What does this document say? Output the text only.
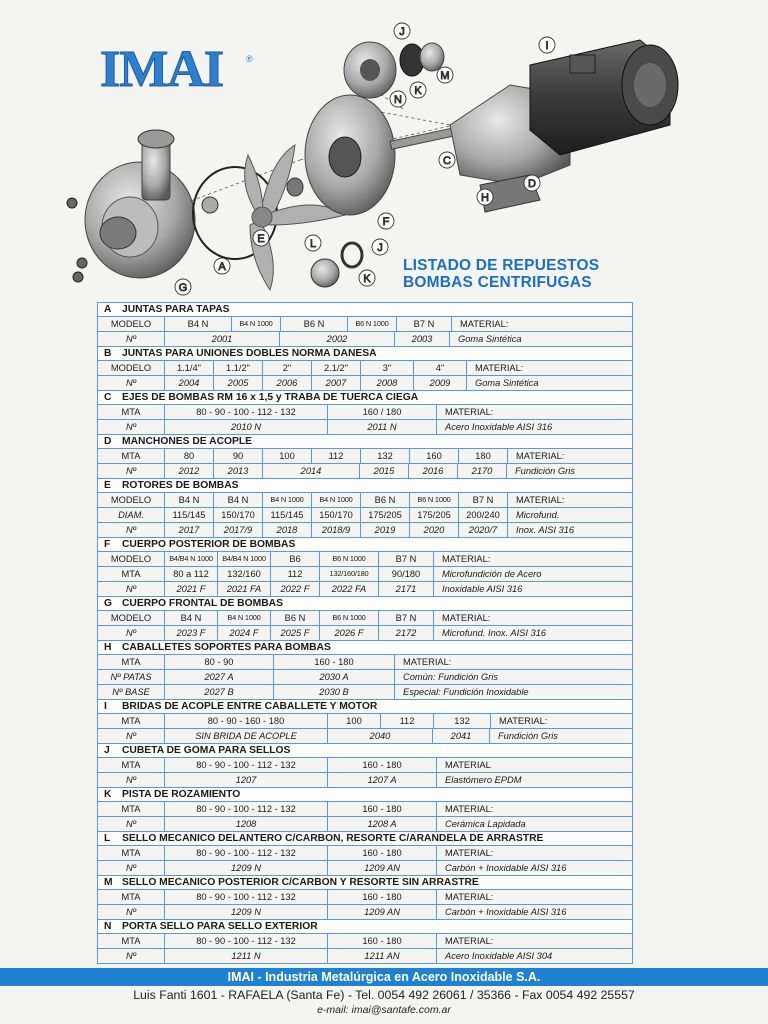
IMAI	®
J
I
M
K
N
C
D
H
F
E	L	J
K
A
G
LISTADO DE REPUESTOS
BOMBAS CENTRIFUGAS
A JUNTAS PARA TAPAS
MODELO	B4 N	B4 N 1000	B6 N	B6 N 1000	B7 N	MATERIAL:
Nº	2001	2002	2003	Goma Sintética
B JUNTAS PARA UNIONES DOBLES NORMA DANESA
MODELO	1.1/4"	1.1/2"	2"	2.1/2"	3"	4"	MATERIAL:
Nº	2004	2005	2006	2007	2008	2009	Goma Sintética
C EJES DE BOMBAS RM 16 x 1,5 y TRABA DE TUERCA CIEGA
MTA	80 - 90 - 100 - 112 - 132	160 / 180	MATERIAL:
Nº	2010 N	2011 N	Acero Inoxidable AISI 316
D MANCHONES DE ACOPLE
MTA	80	90	100	112	132	160	180	MATERIAL:
Nº	2012	2013	2014	2015	2016	2170	Fundición Gris
E ROTORES DE BOMBAS
MODELO	B4 N	B4 N	B4 N 1000	B4 N 1000	B6 N	B6 N 1000	B7 N	MATERIAL:
DIAM.	115/145	150/170	115/145	150/170	175/205	175/205	200/240	Microfund.
Nº	2017	2017/9	2018	2018/9	2019	2020	2020/7	Inox. AISI 316
F CUERPO POSTERIOR DE BOMBAS
MODELO	B4/B4 N 1000	B4/B4 N 1000	B6	B6 N 1000	B7 N	MATERIAL:
MTA	80 a 112	132/160	112	132/160/180	90/180	Microfundición de Acero
Nº	2021 F	2021 FA	2022 F	2022 FA	2171	Inoxidable AISI 316
G CUERPO FRONTAL DE BOMBAS
MODELO	B4 N	B4 N 1000	B6 N	B6 N 1000	B7 N	MATERIAL:
Nº	2023 F	2024 F	2025 F	2026 F	2172	Microfund. Inox. AISI 316
H CABALLETES SOPORTES PARA BOMBAS
MTA	80 - 90	160 - 180	MATERIAL:
Nº PATAS	2027 A	2030 A	Común: Fundición Gris
Nº BASE	2027 B	2030 B	Especial: Fundición Inoxidable
I BRIDAS DE ACOPLE ENTRE CABALLETE Y MOTOR
MTA	80 - 90 - 160 - 180	100	112	132	MATERIAL:
Nº	SIN BRIDA DE ACOPLE	2040	2041	Fundición Gris
J CUBETA DE GOMA PARA SELLOS
MTA	80 - 90 - 100 - 112 - 132	160 - 180	MATERIAL
Nº	1207	1207 A	Elastómero EPDM
K PISTA DE ROZAMIENTO
MTA	80 - 90 - 100 - 112 - 132	160 - 180	MATERIAL:
Nº	1208	1208 A	Cerámica Lapidada
L SELLO MECANICO DELANTERO C/CARBON, RESORTE C/ARANDELA DE ARRASTRE
MTA	80 - 90 - 100 - 112 - 132	160 - 180	MATERIAL:
Nº	1209 N	1209 AN	Carbón + Inoxidable AISI 316
M SELLO MECANICO POSTERIOR C/CARBON Y RESORTE SIN ARRASTRE
MTA	80 - 90 - 100 - 112 - 132	160 - 180	MATERIAL:
Nº	1209 N	1209 AN	Carbón + Inoxidable AISI 316
N PORTA SELLO PARA SELLO EXTERIOR
MTA	80 - 90 - 100 - 112 - 132	160 - 180	MATERIAL:
Nº	1211 N	1211 AN	Acero Inoxidable AISI 304
IMAI - Industria Metalúrgica en Acero Inoxidable S.A.
Luis Fanti 1601 - RAFAELA (Santa Fe) - Tel. 0054 492 26061 / 35366 - Fax 0054 492 25557
e-mail: imai@santafe.com.ar
